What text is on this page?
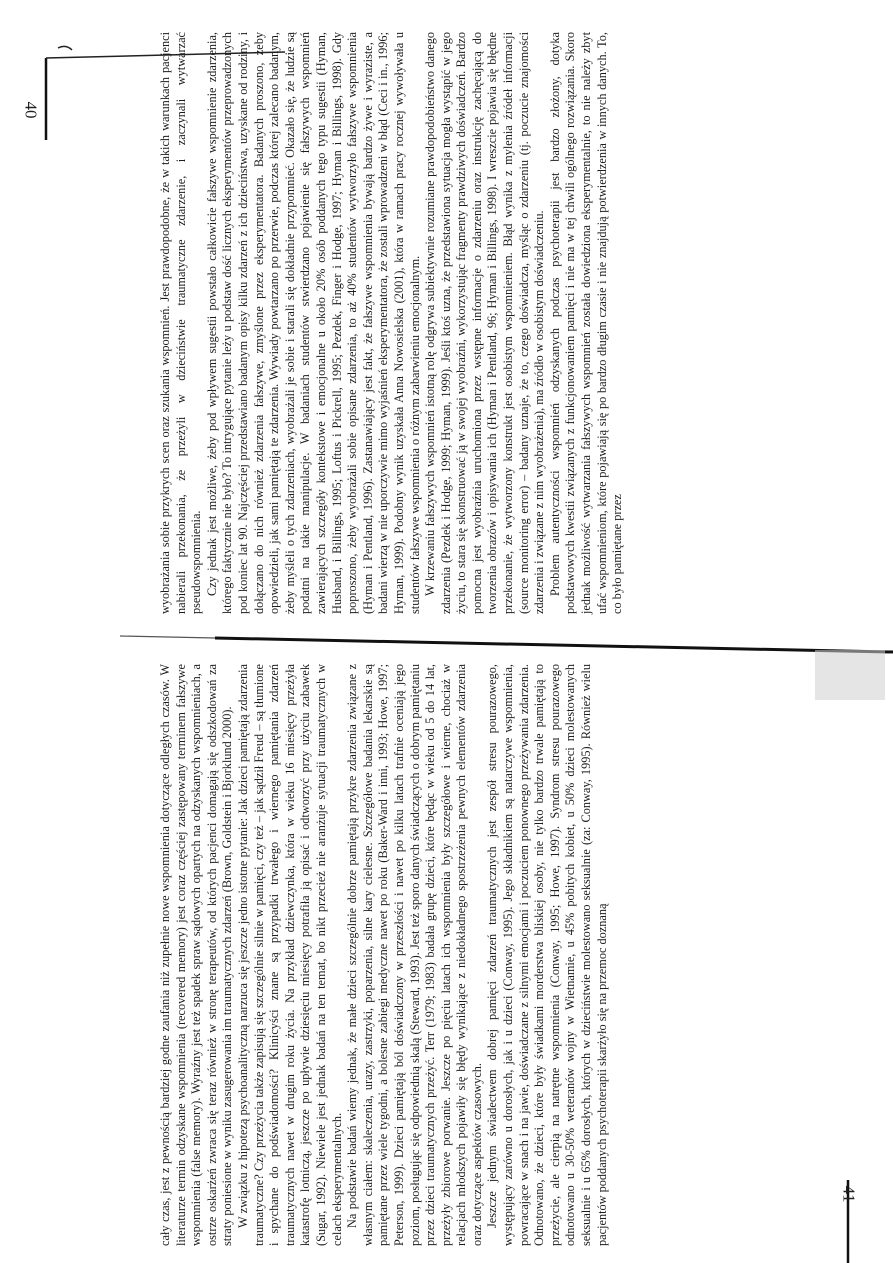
40
41

wyobrażania sobie przykrych scen oraz szukania wspomnień. Jest prawdopodobne, że w takich warunkach pacjenci nabierali przekonania, że przeżyli w dzieciństwie traumatyczne zdarzenie, i zaczynali wytwarzać pseudowspomnienia. Czy jednak jest możliwe, żeby pod wpływem sugestii powstało całkowicie fałszywe wspomnienie zdarzenia, którego faktycznie nie było? To intrygujące pytanie leży u podstaw dość licznych eksperymentów przeprowadzonych pod koniec lat 90. Najczęściej przedstawiano badanym opisy kilku zdarzeń z ich dzieciństwa, uzyskane od rodziny, i dołączano do nich również zdarzenia fałszywe, zmyślone przez eksperymentatora. Badanych proszono, żeby opowiedzieli, jak sami pamiętają te zdarzenia. Wywiady powtarzano po przerwie, podczas której zalecano badanym, żeby myśleli o tych zdarzeniach, wyobrażali je sobie i starali się dokładnie przypomnieć. Okazało się, że ludzie są podatni na takie manipulacje. W badaniach studentów stwierdzano pojawienie się fałszywych wspomnień zawierających szczegóły kontekstowe i emocjonalne u około 20% osób poddanych tego typu sugestii (Hyman, Husband, i Billings, 1995; Loftus i Pickrell, 1995; Pezdek, Finger i Hodge, 1997; Hyman i Billings, 1998). Gdy poproszono, żeby wyobrażali sobie opisane zdarzenia, to aż 40% studentów wytworzyło fałszywe wspomnienia (Hyman i Pentland, 1996). Zastanawiający jest fakt, że fałszywe wspomnienia bywają bardzo żywe i wyraziste, a badani wierzą w nie uporczywie mimo wyjaśnień eksperymentatora, że zostali wprowadzeni w błąd (Ceci i in., 1996; Hyman, 1999). Podobny wynik uzyskała Anna Nowosielska (2001), która w ramach pracy rocznej wywoływała u studentów fałszywe wspomnienia o różnym zabarwieniu emocjonalnym. W krzewaniu fałszywych wspomnień istotną rolę odgrywa subiektywnie rozumiane prawdopodobieństwo danego zdarzenia (Pezdek i Hodge, 1999; Hyman, 1999). Jeśli ktoś uzna, że przedstawiona sytuacja mogła wystąpić w jego życiu, to stara się skonstruować ją w swojej wyobraźni, wykorzystując fragmenty prawdziwych doświadczeń. Bardzo pomocna jest wyobraźnia uruchomiona przez wstępne informacje o zdarzeniu oraz instrukcję zachęcającą do tworzenia obrazów i opisywania ich (Hyman i Pentland, 96; Hyman i Billings, 1998). I wreszcie pojawia się błędne przekonanie, że wytworzony konstrukt jest osobistym wspomnieniem. Błąd wynika z mylenia źródeł informacji (source monitoring error) – badany uznaje, że to, czego doświadcza, myśląc o zdarzeniu (tj. poczucie znajomości zdarzenia i związane z nim wyobrażenia), ma źródło w osobistym doświadczeniu. Problem autentyczności wspomnień odzyskanych podczas psychoterapii jest bardzo złożony, dotyka podstawowych kwestii związanych z funkcjonowaniem pamięci i nie ma w tej chwili ogólnego rozwiązania. Skoro jednak możliwość wytwarzania fałszywych wspomnień została dowiedziona eksperymentalnie, to nie należy zbyt ufać wspomnieniom, które pojawiają się po bardzo długim czasie i nie znajdują potwierdzenia w innych danych. To, co było pamiętane przez

cały czas, jest z pewnością bardziej godne zaufania niż zupełnie nowe wspomnienia dotyczące odległych czasów. W literaturze termin odzyskane wspomnienia (recovered memory) jest coraz częściej zastępowany terminem fałszywe wspomnienia (false memory). Wyraźny jest też spadek spraw sądowych opartych na odzyskanych wspomnieniach, a ostrze oskarżeń zwraca się teraz również w stronę terapeutów, od których pacjenci domagają się odszkodowań za straty poniesione w wyniku zasugerowania im traumatycznych zdarzeń (Brown, Goldstein i Bjorklund 2000). W związku z hipotezą psychoanalityczną narzuca się jeszcze jedno istotne pytanie: Jak dzieci pamiętają zdarzenia traumatyczne? Czy przeżycia także zapisują się szczególnie silnie w pamięci, czy też – jak sądził Freud – są tłumione i spychane do podświadomości? Klinicyści znane są przypadki trwałego i wiernego pamiętania zdarzeń traumatycznych nawet w drugim roku życia. Na przykład dziewczynka, która w wieku 16 miesięcy przeżyła katastrofę lotniczą, jeszcze po upływie dziesięciu miesięcy potrafiła ją opisać i odtworzyć przy użyciu zabawek (Sugar, 1992). Niewiele jest jednak badań na ten temat, bo nikt przecież nie aranżuje sytuacji traumatycznych w celach eksperymentalnych. Na podstawie badań wiemy jednak, że małe dzieci szczególnie dobrze pamiętają przykre zdarzenia związane z własnym ciałem: skaleczenia, urazy, zastrzyki, poparzenia, silne kary cielesne. Szczegółowe badania lekarskie są pamiętane przez wiele tygodni, a bolesne zabiegi medyczne nawet po roku (Baker-Ward i inni, 1993; Howe, 1997; Peterson, 1999). Dzieci pamiętają ból doświadczony w przeszłości i nawet po kilku latach trafnie oceniają jego poziom, posługując się odpowiednią skalą (Steward, 1993). Jest też sporo danych świadczących o dobrym pamiętaniu przez dzieci traumatycznych przeżyć. Terr (1979; 1983) badała grupę dzieci, które będąc w wieku od 5 do 14 lat, przeżyły zbiorowe porwanie. Jeszcze po pięciu latach ich wspomnienia były szczegółowe i wierne, chociaż w relacjach młodszych pojawiły się błędy wynikające z niedokładnego spostrzeżenia pewnych elementów zdarzenia oraz dotyczące aspektów czasowych. Jeszcze jednym świadectwem dobrej pamięci zdarzeń traumatycznych jest zespół stresu pourazowego, występujący zarówno u dorosłych, jak i u dzieci (Conway, 1995). Jego składnikiem są natarczywe wspomnienia, powracające w snach i na jawie, doświadczane z silnymi emocjami i poczuciem ponownego przeżywania zdarzenia. Odnotowano, że dzieci, które były świadkami morderstwa bliskiej osoby, nie tylko bardzo trwale pamiętają to przeżycie, ale cierpią na natrętne wspomnienia (Conway, 1995; Howe, 1997). Syndrom stresu pourazowego odnotowano u 30-50% weteranów wojny w Wietnamie, u 45% pobitych kobiet, u 50% dzieci molestowanych seksualnie i u 65% dorosłych, których w dzieciństwie molestowano seksualnie (za: Conway, 1995). Również wielu pacjentów poddanych psychoterapii skarżyło się na przemoc doznaną
